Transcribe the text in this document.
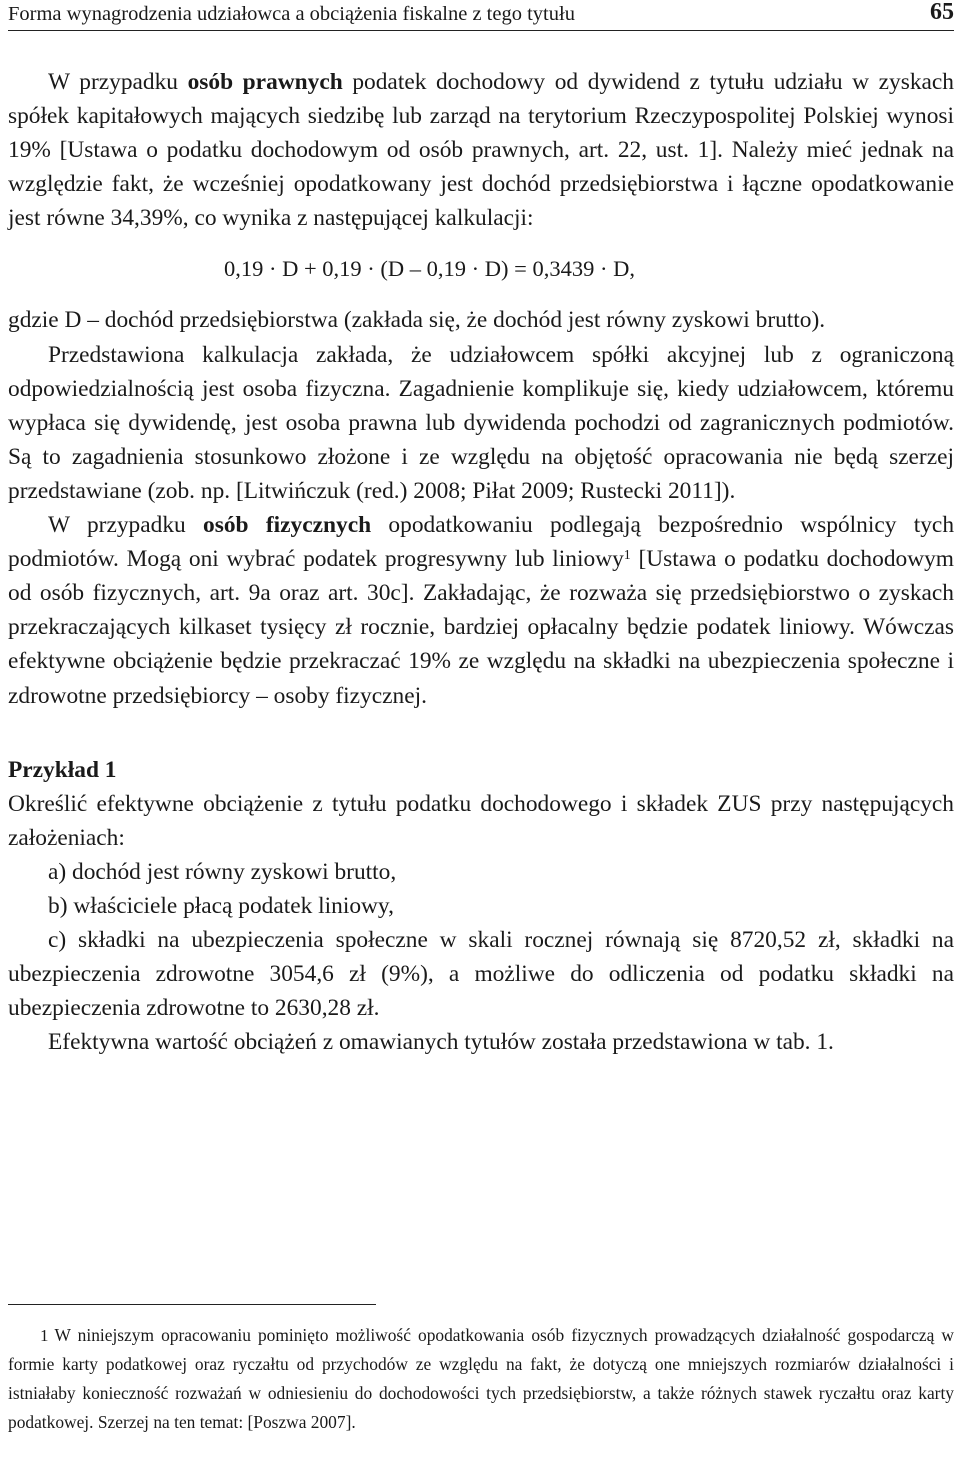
Forma wynagrodzenia udziałowca a obciążenia fiskalne z tego tytułu	65

W przypadku osób prawnych podatek dochodowy od dywidend z tytułu udziału w zyskach spółek kapitałowych mających siedzibę lub zarząd na terytorium Rzeczypospolitej Polskiej wynosi 19% [Ustawa o podatku dochodowym od osób prawnych, art. 22, ust. 1]. Należy mieć jednak na względzie fakt, że wcześniej opodatkowany jest dochód przedsiębiorstwa i łączne opodatkowanie jest równe 34,39%, co wynika z następującej kalkulacji:

0,19 · D + 0,19 · (D – 0,19 · D) = 0,3439 · D,

gdzie D – dochód przedsiębiorstwa (zakłada się, że dochód jest równy zyskowi brutto).

Przedstawiona kalkulacja zakłada, że udziałowcem spółki akcyjnej lub z ograniczoną odpowiedzialnością jest osoba fizyczna. Zagadnienie komplikuje się, kiedy udziałowcem, któremu wypłaca się dywidendę, jest osoba prawna lub dywidenda pochodzi od zagranicznych podmiotów. Są to zagadnienia stosunkowo złożone i ze względu na objętość opracowania nie będą szerzej przedstawiane (zob. np. [Litwińczuk (red.) 2008; Piłat 2009; Rustecki 2011]).

W przypadku osób fizycznych opodatkowaniu podlegają bezpośrednio wspólnicy tych podmiotów. Mogą oni wybrać podatek progresywny lub liniowy$^1$ [Ustawa o podatku dochodowym od osób fizycznych, art. 9a oraz art. 30c]. Zakładając, że rozważa się przedsiębiorstwo o zyskach przekraczających kilkaset tysięcy zł rocznie, bardziej opłacalny będzie podatek liniowy. Wówczas efektywne obciążenie będzie przekraczać 19% ze względu na składki na ubezpieczenia społeczne i zdrowotne przedsiębiorcy – osoby fizycznej.

Przykład 1

Określić efektywne obciążenie z tytułu podatku dochodowego i składek ZUS przy następujących założeniach:

a) dochód jest równy zyskowi brutto,

b) właściciele płacą podatek liniowy,

c) składki na ubezpieczenia społeczne w skali rocznej równają się 8720,52 zł, składki na ubezpieczenia zdrowotne 3054,6 zł (9%), a możliwe do odliczenia od podatku składki na ubezpieczenia zdrowotne to 2630,28 zł.

Efektywna wartość obciążeń z omawianych tytułów została przedstawiona w tab. 1.

1 W niniejszym opracowaniu pominięto możliwość opodatkowania osób fizycznych prowadzących działalność gospodarczą w formie karty podatkowej oraz ryczałtu od przychodów ze względu na fakt, że dotyczą one mniejszych rozmiarów działalności i istniałaby konieczność rozważań w odniesieniu do dochodowości tych przedsiębiorstw, a także różnych stawek ryczałtu oraz karty podatkowej. Szerzej na ten temat: [Poszwa 2007].
